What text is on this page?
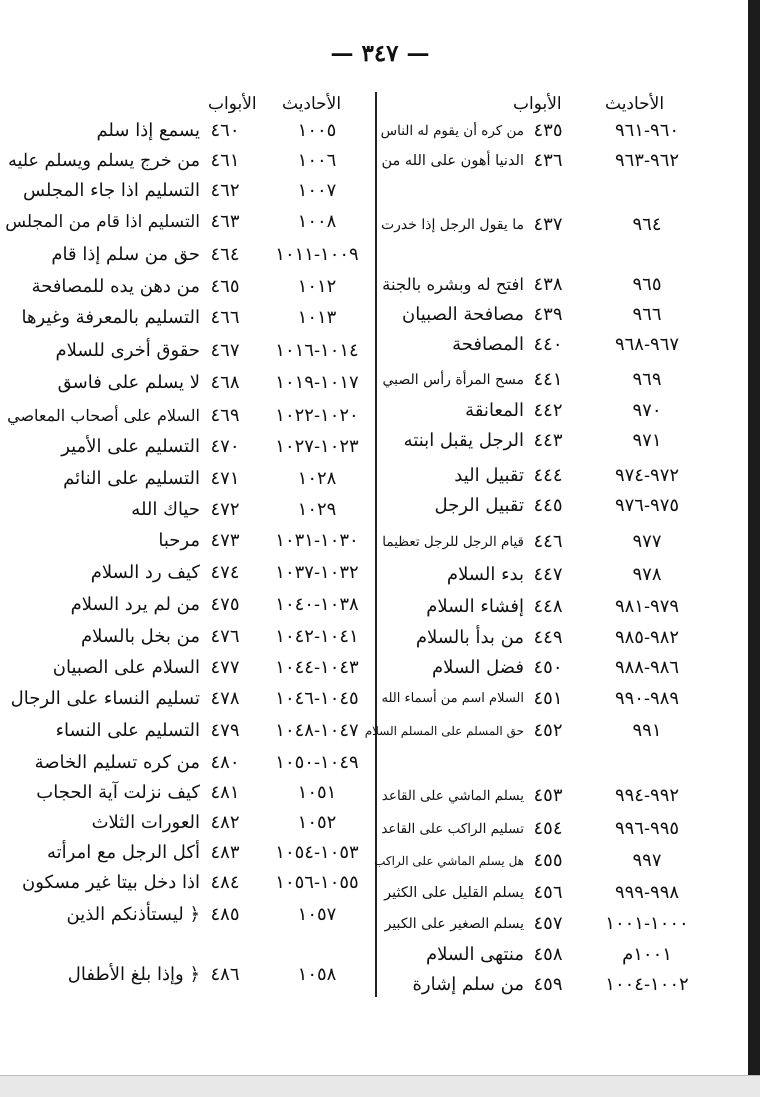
— ٣٤٧ —
الأحاديث
الأبواب
الأحاديث
الأبواب
٩٦٠-٩٦١
٤٣٥
من كره أن يقوم له الناس
٩٦٢-٩٦٣
٤٣٦
الدنيا أهون على الله من
٩٦٤
٤٣٧
ما يقول الرجل إذا خدرت
٩٦٥
٤٣٨
افتح له وبشره بالجنة
٩٦٦
٤٣٩
مصافحة الصبيان
٩٦٧-٩٦٨
٤٤٠
المصافحة
٩٦٩
٤٤١
مسح المرأة رأس الصبي
٩٧٠
٤٤٢
المعانقة
٩٧١
٤٤٣
الرجل يقبل ابنته
٩٧٢-٩٧٤
٤٤٤
تقبيل اليد
٩٧٥-٩٧٦
٤٤٥
تقبيل الرجل
٩٧٧
٤٤٦
قيام الرجل للرجل تعظيما
٩٧٨
٤٤٧
بدء السلام
٩٧٩-٩٨١
٤٤٨
إفشاء السلام
٩٨٢-٩٨٥
٤٤٩
من بدأ بالسلام
٩٨٦-٩٨٨
٤٥٠
فضل السلام
٩٨٩-٩٩٠
٤٥١
السلام اسم من أسماء الله
٩٩١
٤٥٢
حق المسلم على المسلم السلام
٩٩٢-٩٩٤
٤٥٣
يسلم الماشي على القاعد
٩٩٥-٩٩٦
٤٥٤
تسليم الراكب على القاعد
٩٩٧
٤٥٥
هل يسلم الماشي على الراكب
٩٩٨-٩٩٩
٤٥٦
يسلم القليل على الكثير
١٠٠٠-١٠٠١
٤٥٧
يسلم الصغير على الكبير
١٠٠١م
٤٥٨
منتهى السلام
١٠٠٢-١٠٠٤
٤٥٩
من سلم إشارة
١٠٠٥
٤٦٠
يسمع إذا سلم
١٠٠٦
٤٦١
من خرج يسلم ويسلم عليه
١٠٠٧
٤٦٢
التسليم اذا جاء المجلس
١٠٠٨
٤٦٣
التسليم اذا قام من المجلس
١٠٠٩-١٠١١
٤٦٤
حق من سلم إذا قام
١٠١٢
٤٦٥
من دهن يده للمصافحة
١٠١٣
٤٦٦
التسليم بالمعرفة وغيرها
١٠١٤-١٠١٦
٤٦٧
حقوق أخرى للسلام
١٠١٧-١٠١٩
٤٦٨
لا يسلم على فاسق
١٠٢٠-١٠٢٢
٤٦٩
السلام على أصحاب المعاصي
١٠٢٣-١٠٢٧
٤٧٠
التسليم على الأمير
١٠٢٨
٤٧١
التسليم على النائم
١٠٢٩
٤٧٢
حياك الله
١٠٣٠-١٠٣١
٤٧٣
مرحبا
١٠٣٢-١٠٣٧
٤٧٤
كيف رد السلام
١٠٣٨-١٠٤٠
٤٧٥
من لم يرد السلام
١٠٤١-١٠٤٢
٤٧٦
من بخل بالسلام
١٠٤٣-١٠٤٤
٤٧٧
السلام على الصبيان
١٠٤٥-١٠٤٦
٤٧٨
تسليم النساء على الرجال
١٠٤٧-١٠٤٨
٤٧٩
التسليم على النساء
١٠٤٩-١٠٥٠
٤٨٠
من كره تسليم الخاصة
١٠٥١
٤٨١
كيف نزلت آية الحجاب
١٠٥٢
٤٨٢
العورات الثلاث
١٠٥٣-١٠٥٤
٤٨٣
أكل الرجل مع امرأته
١٠٥٥-١٠٥٦
٤٨٤
اذا دخل بيتا غير مسكون
١٠٥٧
٤٨٥
﴿ ليستأذنكم الذين
١٠٥٨
٤٨٦
﴿ وإذا بلغ الأطفال
